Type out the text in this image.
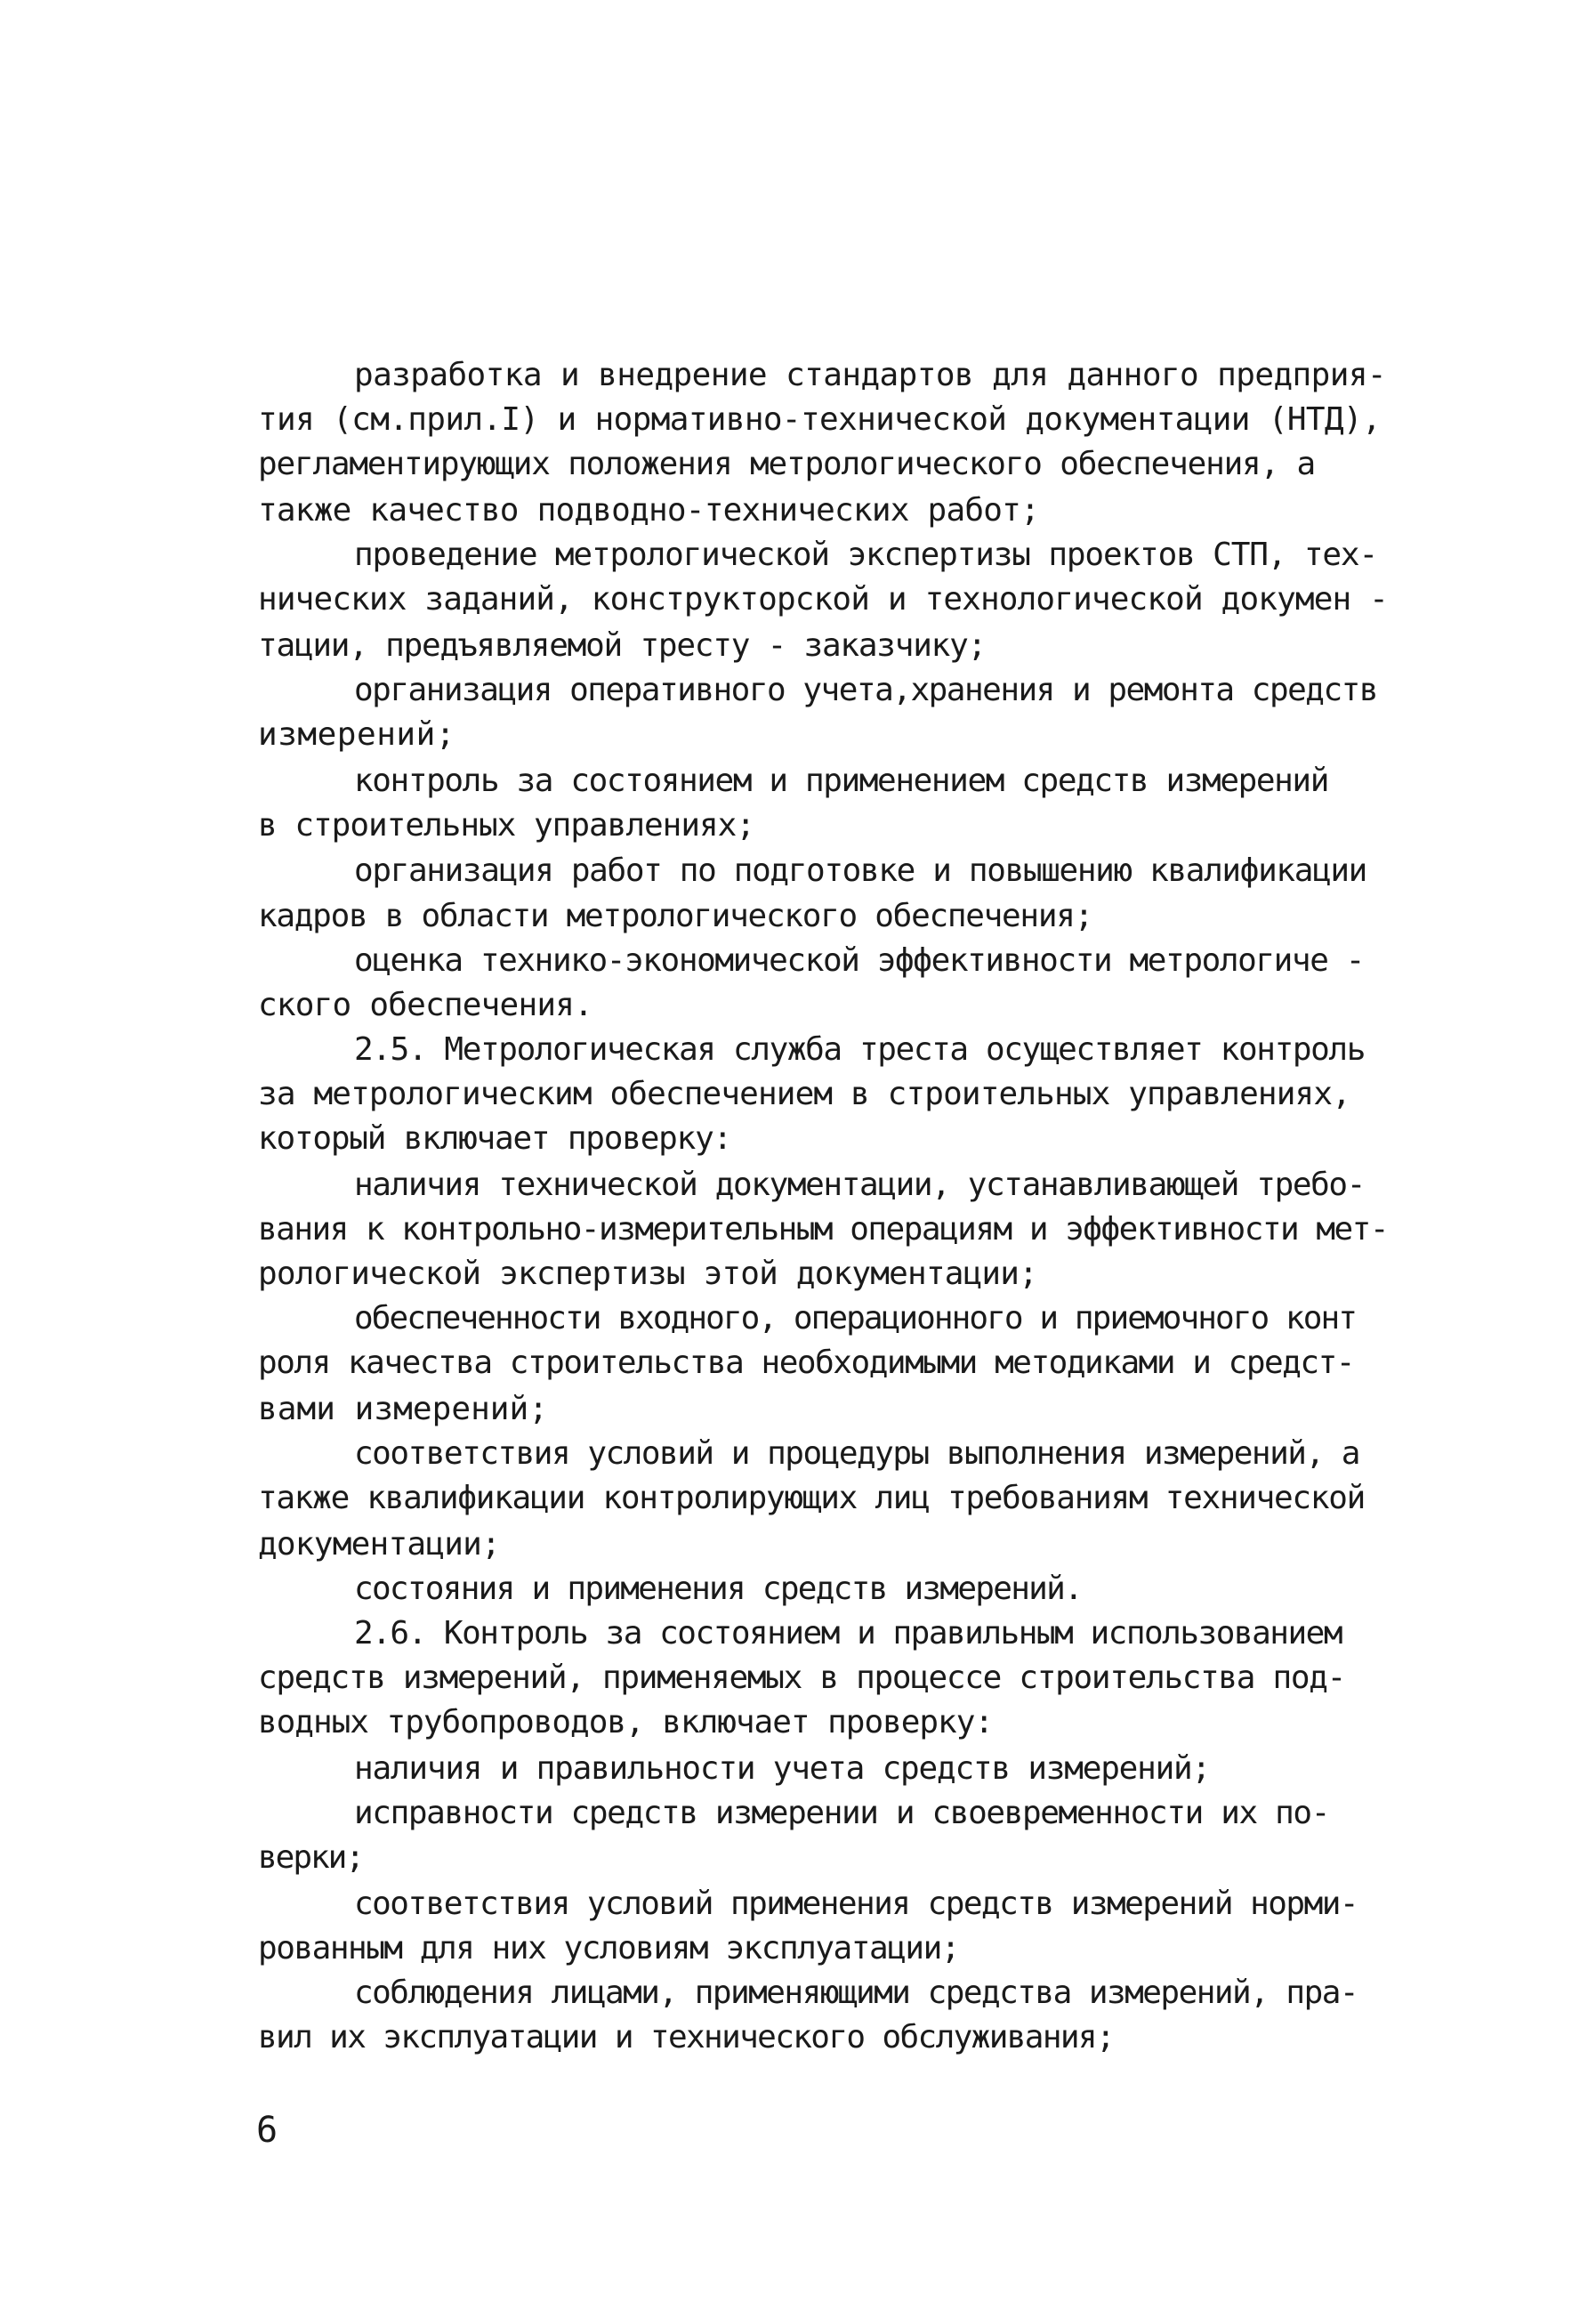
разработка и внедрение стандартов для данного предприя-
тия (см.прил.I) и нормативно-технической документации (НТД),
регламентирующих положения метрологического обеспечения, а
также качество подводно-технических работ;
проведение метрологической экспертизы проектов СТП, тех-
нических заданий, конструкторской и технологической докумен -
тации, предъявляемой тресту - заказчику;
организация оперативного учета,хранения и ремонта средств
измерений;
контроль за состоянием и применением средств измерений
в строительных управлениях;
организация работ по подготовке и повышению квалификации
кадров в области метрологического обеспечения;
оценка технико-экономической эффективности метрологиче -
ского обеспечения.
2.5. Метрологическая служба треста осуществляет контроль
за метрологическим обеспечением в строительных управлениях,
который включает проверку:
наличия технической документации, устанавливающей требо-
вания к контрольно-измерительным операциям и эффективности мет-
рологической экспертизы этой документации;
обеспеченности входного, операционного и приемочного конт
роля качества строительства необходимыми методиками и средст-
вами измерений;
соответствия условий и процедуры выполнения измерений, а
также квалификации контролирующих лиц требованиям технической
документации;
состояния и применения средств измерений.
2.6. Контроль за состоянием и правильным использованием
средств измерений, применяемых в процессе строительства под-
водных трубопроводов, включает проверку:
наличия и правильности учета средств измерений;
исправности средств измерении и своевременности их по-
верки;
соответствия условий применения средств измерений норми-
рованным для них условиям эксплуатации;
соблюдения лицами, применяющими средства измерений, пра-
вил их эксплуатации и технического обслуживания;
6
